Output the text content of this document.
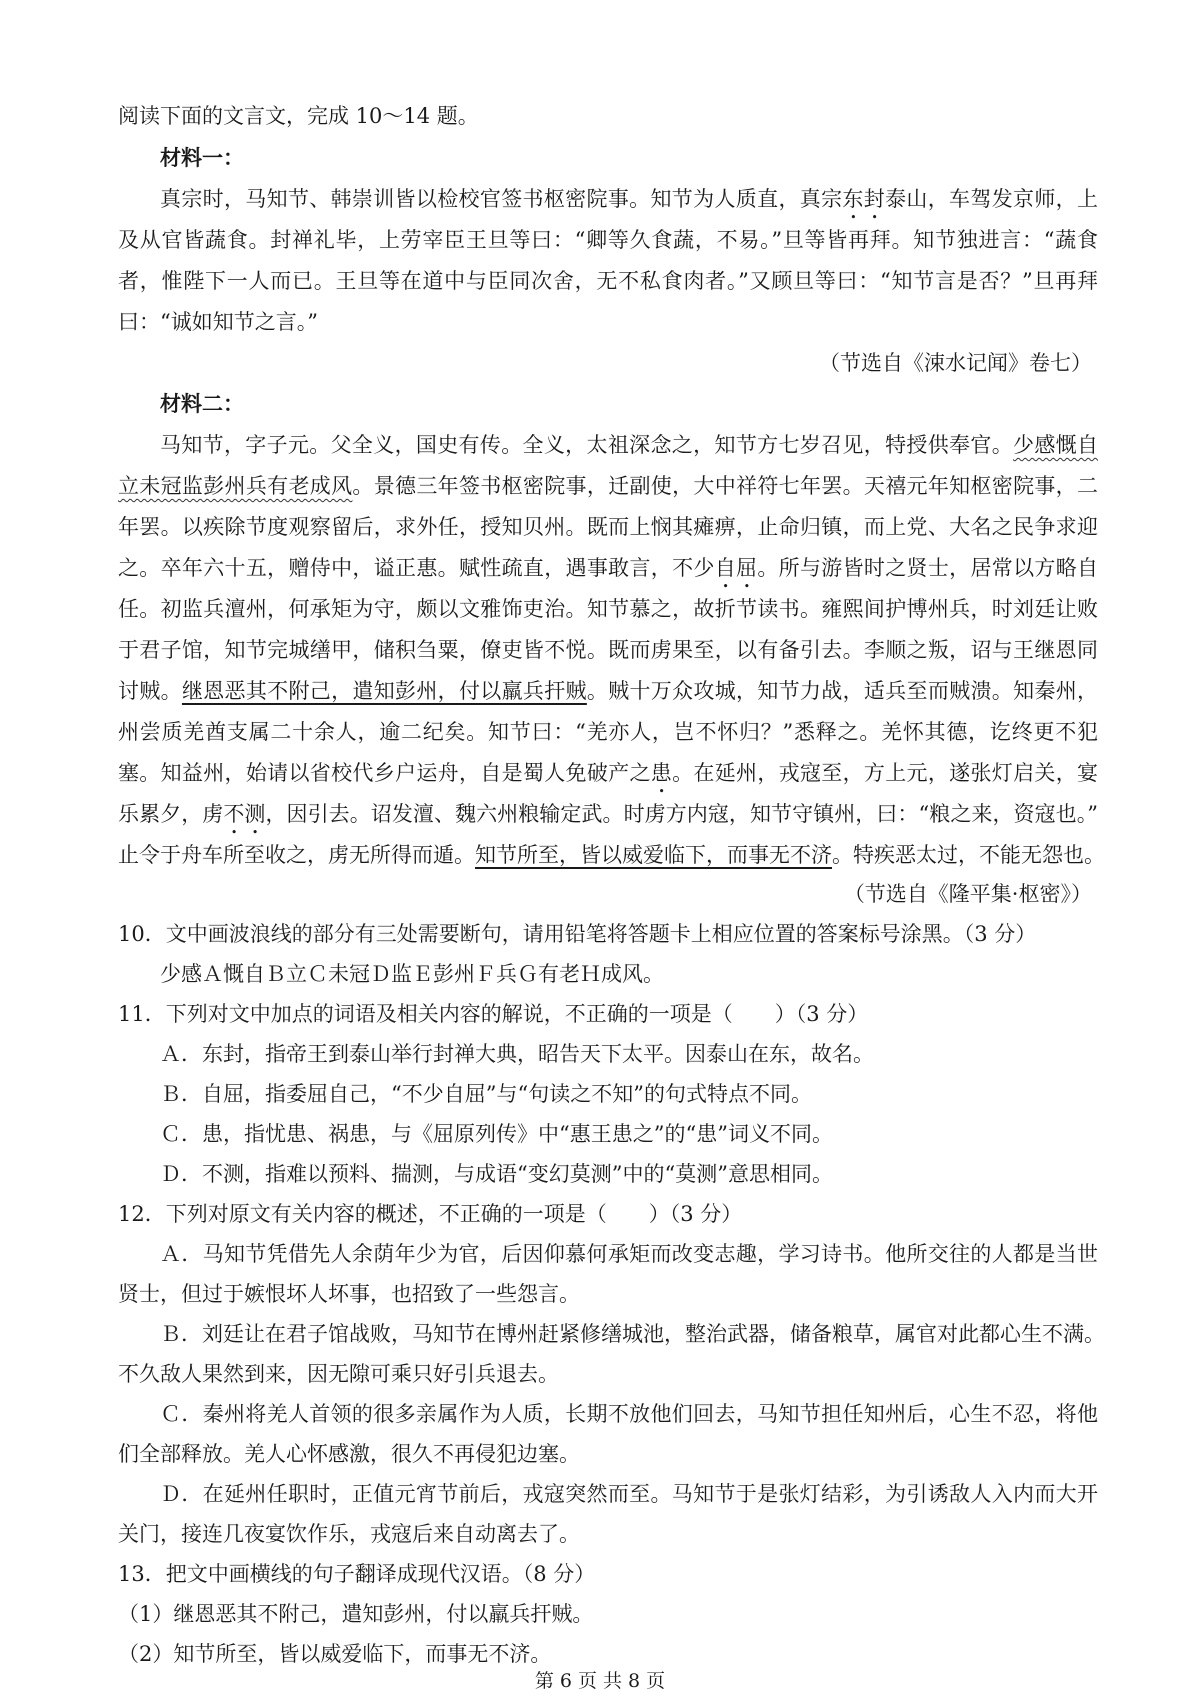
阅读下面的文言文，完成 10～14 题。
材料一：
真宗时，马知节、韩崇训皆以检校官签书枢密院事。知节为人质直，真宗东封泰山，车驾发京师，上
及从官皆蔬食。封禅礼毕，上劳宰臣王旦等曰：“卿等久食蔬，不易。”旦等皆再拜。知节独进言：“蔬食
者，惟陛下一人而已。王旦等在道中与臣同次舍，无不私食肉者。”又顾旦等曰：“知节言是否？”旦再拜
曰：“诚如知节之言。”
（节选自《涑水记闻》卷七）
材料二：
马知节，字子元。父全义，国史有传。全义，太祖深念之，知节方七岁召见，特授供奉官。少感慨自
立未冠监彭州兵有老成风。景德三年签书枢密院事，迁副使，大中祥符七年罢。天禧元年知枢密院事，二
年罢。以疾除节度观察留后，求外任，授知贝州。既而上悯其瘫痹，止命归镇，而上党、大名之民争求迎
之。卒年六十五，赠侍中，谥正惠。赋性疏直，遇事敢言，不少自屈。所与游皆时之贤士，居常以方略自
任。初监兵澶州，何承矩为守，颇以文雅饰吏治。知节慕之，故折节读书。雍熙间护博州兵，时刘廷让败
于君子馆，知节完城缮甲，储积刍粟，僚吏皆不悦。既而虏果至，以有备引去。李顺之叛，诏与王继恩同
讨贼。继恩恶其不附己，遣知彭州，付以羸兵扞贼。贼十万众攻城，知节力战，适兵至而贼溃。知秦州，
州尝质羌酋支属二十余人，逾二纪矣。知节曰：“羌亦人，岂不怀归？”悉释之。羌怀其德，讫终更不犯
塞。知益州，始请以省校代乡户运舟，自是蜀人免破产之患。在延州，戎寇至，方上元，遂张灯启关，宴
乐累夕，虏不测，因引去。诏发澶、魏六州粮输定武。时虏方内寇，知节守镇州，曰：“粮之来，资寇也。”
止令于舟车所至收之，虏无所得而遁。知节所至，皆以威爱临下，而事无不济。特疾恶太过，不能无怨也。
（节选自《隆平集·枢密》）
10．文中画波浪线的部分有三处需要断句，请用铅笔将答题卡上相应位置的答案标号涂黑。（3 分）
少感Ａ慨自Ｂ立Ｃ未冠Ｄ监Ｅ彭州Ｆ兵Ｇ有老Ｈ成风。
11．下列对文中加点的词语及相关内容的解说，不正确的一项是（　　）（3 分）
Ａ．东封，指帝王到泰山举行封禅大典，昭告天下太平。因泰山在东，故名。
Ｂ．自屈，指委屈自己，“不少自屈”与“句读之不知”的句式特点不同。
Ｃ．患，指忧患、祸患，与《屈原列传》中“惠王患之”的“患”词义不同。
Ｄ．不测，指难以预料、揣测，与成语“变幻莫测”中的“莫测”意思相同。
12．下列对原文有关内容的概述，不正确的一项是（　　）（3 分）
Ａ．马知节凭借先人余荫年少为官，后因仰慕何承矩而改变志趣，学习诗书。他所交往的人都是当世
贤士，但过于嫉恨坏人坏事，也招致了一些怨言。
Ｂ．刘廷让在君子馆战败，马知节在博州赶紧修缮城池，整治武器，储备粮草，属官对此都心生不满。
不久敌人果然到来，因无隙可乘只好引兵退去。
Ｃ．秦州将羌人首领的很多亲属作为人质，长期不放他们回去，马知节担任知州后，心生不忍，将他
们全部释放。羌人心怀感激，很久不再侵犯边塞。
Ｄ．在延州任职时，正值元宵节前后，戎寇突然而至。马知节于是张灯结彩，为引诱敌人入内而大开
关门，接连几夜宴饮作乐，戎寇后来自动离去了。
13．把文中画横线的句子翻译成现代汉语。（8 分）
（1）继恩恶其不附己，遣知彭州，付以羸兵扞贼。
（2）知节所至，皆以威爱临下，而事无不济。
第 6 页 共 8 页
